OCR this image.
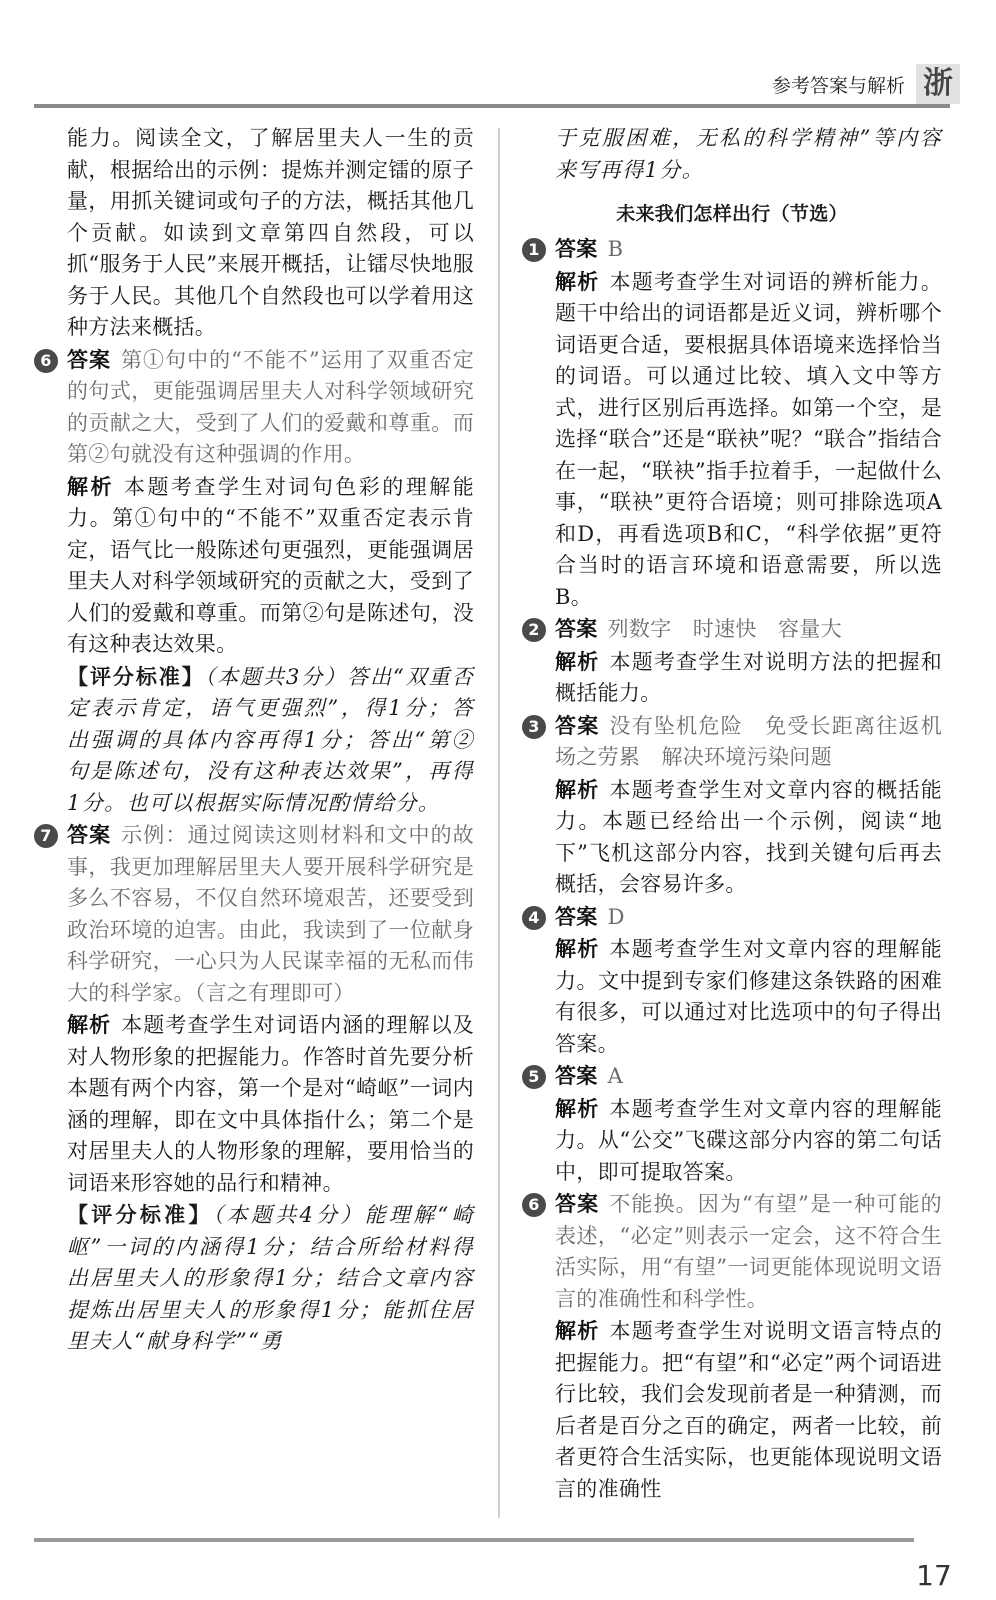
参考答案与解析 浙

能力。阅读全文，了解居里夫人一生的贡献，根据给出的示例：提炼并测定镭的原子量，用抓关键词或句子的方法，概括其他几个贡献。如读到文章第四自然段，可以抓“服务于人民”来展开概括，让镭尽快地服务于人民。其他几个自然段也可以学着用这种方法来概括。

6 答案 第①句中的“不能不”运用了双重否定的句式，更能强调居里夫人对科学领域研究的贡献之大，受到了人们的爱戴和尊重。而第②句就没有这种强调的作用。

解析 本题考查学生对词句色彩的理解能力。第①句中的“不能不”双重否定表示肯定，语气比一般陈述句更强烈，更能强调居里夫人对科学领域研究的贡献之大，受到了人们的爱戴和尊重。而第②句是陈述句，没有这种表达效果。

【评分标准】（本题共3分）答出“双重否定表示肯定，语气更强烈”，得1分；答出强调的具体内容再得1分；答出“第②句是陈述句，没有这种表达效果”，再得1分。也可以根据实际情况酌情给分。

7 答案 示例：通过阅读这则材料和文中的故事，我更加理解居里夫人要开展科学研究是多么不容易，不仅自然环境艰苦，还要受到政治环境的迫害。由此，我读到了一位献身科学研究，一心只为人民谋幸福的无私而伟大的科学家。（言之有理即可）

解析 本题考查学生对词语内涵的理解以及对人物形象的把握能力。作答时首先要分析本题有两个内容，第一个是对“崎岖”一词内涵的理解，即在文中具体指什么；第二个是对居里夫人的人物形象的理解，要用恰当的词语来形容她的品行和精神。

【评分标准】（本题共4分）能理解“崎岖”一词的内涵得1分；结合所给材料得出居里夫人的形象得1分；结合文章内容提炼出居里夫人的形象得1分；能抓住居里夫人“献身科学”“勇

于克服困难，无私的科学精神”等内容来写再得1分。

未来我们怎样出行（节选）
1 答案 B

解析 本题考查学生对词语的辨析能力。题干中给出的词语都是近义词，辨析哪个词语更合适，要根据具体语境来选择恰当的词语。可以通过比较、填入文中等方式，进行区别后再选择。如第一个空，是选择“联合”还是“联袂”呢？“联合”指结合在一起，“联袂”指手拉着手，一起做什么事，“联袂”更符合语境；则可排除选项A和D，再看选项B和C，“科学依据”更符合当时的语言环境和语意需要，所以选B。

2 答案 列数字　时速快　容量大

解析 本题考查学生对说明方法的把握和概括能力。

3 答案 没有坠机危险　免受长距离往返机场之劳累　解决环境污染问题

解析 本题考查学生对文章内容的概括能力。本题已经给出一个示例，阅读“地下”飞机这部分内容，找到关键句后再去概括，会容易许多。

4 答案 D

解析 本题考查学生对文章内容的理解能力。文中提到专家们修建这条铁路的困难有很多，可以通过对比选项中的句子得出答案。

5 答案 A

解析 本题考查学生对文章内容的理解能力。从“公交”飞碟这部分内容的第二句话中，即可提取答案。

6 答案 不能换。因为“有望”是一种可能的表述，“必定”则表示一定会，这不符合生活实际，用“有望”一词更能体现说明文语言的准确性和科学性。

解析 本题考查学生对说明文语言特点的把握能力。把“有望”和“必定”两个词语进行比较，我们会发现前者是一种猜测，而后者是百分之百的确定，两者一比较，前者更符合生活实际，也更能体现说明文语言的准确性

17
